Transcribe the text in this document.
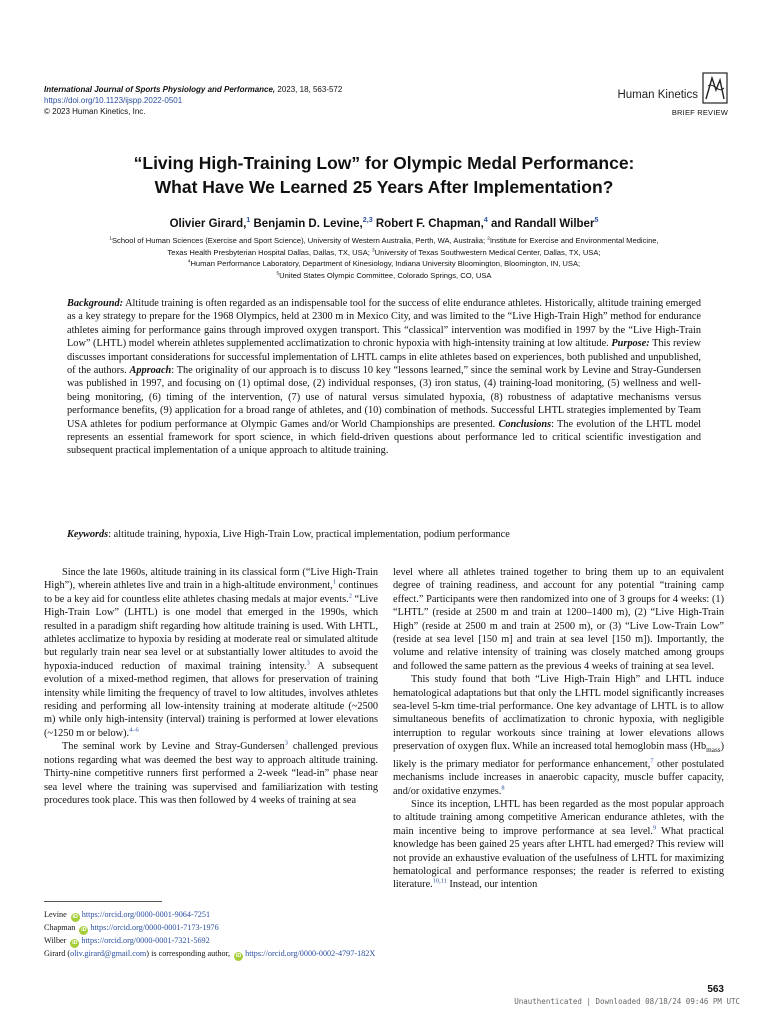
International Journal of Sports Physiology and Performance, 2023, 18, 563-572
https://doi.org/10.1123/ijspp.2022-0501
© 2023 Human Kinetics, Inc.
Human Kinetics
BRIEF REVIEW
“Living High-Training Low” for Olympic Medal Performance:
What Have We Learned 25 Years After Implementation?
Olivier Girard,$^1$ Benjamin D. Levine,$^{2,3}$ Robert F. Chapman,$^4$ and Randall Wilber$^5$
$^1$School of Human Sciences (Exercise and Sport Science), University of Western Australia, Perth, WA, Australia; $^2$Institute for Exercise and Environmental Medicine,
Texas Health Presbyterian Hospital Dallas, Dallas, TX, USA; $^3$University of Texas Southwestern Medical Center, Dallas, TX, USA;
$^4$Human Performance Laboratory, Department of Kinesiology, Indiana University Bloomington, Bloomington, IN, USA;
$^5$United States Olympic Committee, Colorado Springs, CO, USA
Background: Altitude training is often regarded as an indispensable tool for the success of elite endurance athletes. Historically, altitude training emerged as a key strategy to prepare for the 1968 Olympics, held at 2300 m in Mexico City, and was limited to the “Live High-Train High” method for endurance athletes aiming for performance gains through improved oxygen transport. This “classical” intervention was modified in 1997 by the “Live High-Train Low” (LHTL) model wherein athletes supplemented acclimatization to chronic hypoxia with high-intensity training at low altitude. Purpose: This review discusses important considerations for successful implementation of LHTL camps in elite athletes based on experiences, both published and unpublished, of the authors. Approach: The originality of our approach is to discuss 10 key “lessons learned,” since the seminal work by Levine and Stray-Gundersen was published in 1997, and focusing on (1) optimal dose, (2) individual responses, (3) iron status, (4) training-load monitoring, (5) wellness and well-being monitoring, (6) timing of the intervention, (7) use of natural versus simulated hypoxia, (8) robustness of adaptative mechanisms versus performance benefits, (9) application for a broad range of athletes, and (10) combination of methods. Successful LHTL strategies implemented by Team USA athletes for podium performance at Olympic Games and/or World Championships are presented. Conclusions: The evolution of the LHTL model represents an essential framework for sport science, in which field-driven questions about performance led to critical scientific investigation and subsequent practical implementation of a unique approach to altitude training.
Keywords: altitude training, hypoxia, Live High-Train Low, practical implementation, podium performance

Since the late 1960s, altitude training in its classical form (“Live High-Train High”), wherein athletes live and train in a high-altitude environment,$^1$ continues to be a key aid for countless elite athletes chasing medals at major events.$^2$ “Live High-Train Low” (LHTL) is one model that emerged in the 1990s, which resulted in a paradigm shift regarding how altitude training is used. With LHTL, athletes acclimatize to hypoxia by residing at moderate real or simulated altitude but regularly train near sea level or at substantially lower altitudes to avoid the hypoxia-induced reduction of maximal training intensity.$^3$ A subsequent evolution of a mixed-method regimen, that allows for preservation of training intensity while limiting the frequency of travel to low altitudes, involves athletes residing and performing all low-intensity training at moderate altitude (~2500 m) while only high-intensity (interval) training is performed at lower elevations (~1250 m or below).$^{4-6}$

The seminal work by Levine and Stray-Gundersen$^3$ challenged previous notions regarding what was deemed the best way to approach altitude training. Thirty-nine competitive runners first performed a 2-week “lead-in” phase near sea level where the training was supervised and familiarization with testing procedures took place. This was then followed by 4 weeks of training at sea

level where all athletes trained together to bring them up to an equivalent degree of training readiness, and account for any potential “training camp effect.” Participants were then randomized into one of 3 groups for 4 weeks: (1) “LHTL” (reside at 2500 m and train at 1200–1400 m), (2) “Live High-Train High” (reside at 2500 m and train at 2500 m), or (3) “Live Low-Train Low” (reside at sea level [150 m] and train at sea level [150 m]). Importantly, the volume and relative intensity of training was closely matched among groups and followed the same pattern as the previous 4 weeks of training at sea level.

This study found that both “Live High-Train High” and LHTL induce hematological adaptations but that only the LHTL model significantly increases sea-level 5-km time-trial performance. One key advantage of LHTL is to allow simultaneous benefits of acclimatization to chronic hypoxia, with negligible interruption to regular workouts since training at lower elevations allows preservation of oxygen flux. While an increased total hemoglobin mass $(Hb_{mass})$ likely is the primary mediator for performance enhancement,$^7$ other postulated mechanisms include increases in anaerobic capacity, muscle buffer capacity, and/or oxidative enzymes.$^8$

Since its inception, LHTL has been regarded as the most popular approach to altitude training among competitive American endurance athletes, with the main incentive being to improve performance at sea level.$^9$ What practical knowledge has been gained 25 years after LHTL had emerged? This review will not provide an exhaustive evaluation of the usefulness of LHTL for maximizing hematological and performance responses; the reader is referred to existing literature.$^{10,11}$ Instead, our intention

Levine iD https://orcid.org/0000-0001-9064-7251
Chapman iD https://orcid.org/0000-0001-7173-1976
Wilber iD https://orcid.org/0000-0001-7321-5692
Girard (oliv.girard@gmail.com) is corresponding author, iD https://orcid.org/0000-0002-4797-182X
563
Unauthenticated | Downloaded 08/18/24 09:46 PM UTC
